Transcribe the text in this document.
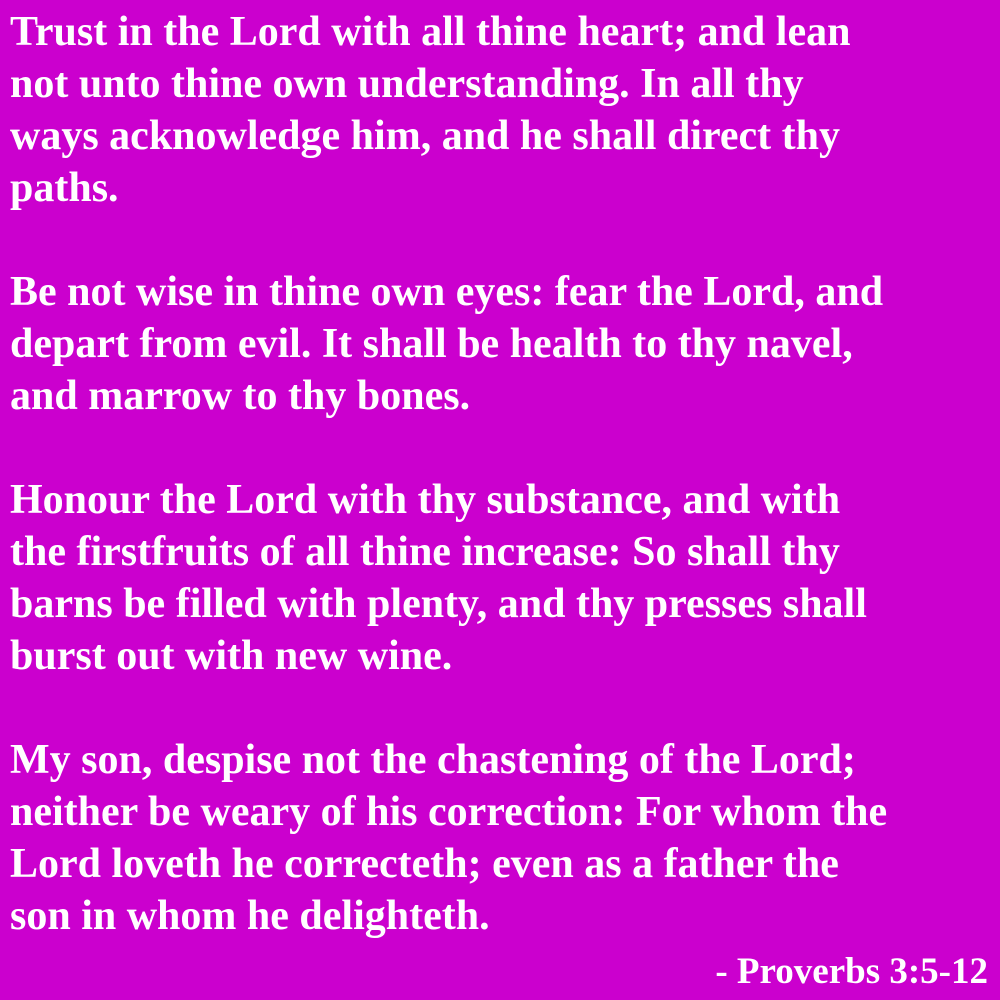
Trust in the Lord with all thine heart; and lean
not unto thine own understanding. In all thy
ways acknowledge him, and he shall direct thy
paths.
Be not wise in thine own eyes: fear the Lord, and
depart from evil. It shall be health to thy navel,
and marrow to thy bones.
Honour the Lord with thy substance, and with
the firstfruits of all thine increase: So shall thy
barns be filled with plenty, and thy presses shall
burst out with new wine.
My son, despise not the chastening of the Lord;
neither be weary of his correction: For whom the
Lord loveth he correcteth; even as a father the
son in whom he delighteth.
- Proverbs 3:5-12
